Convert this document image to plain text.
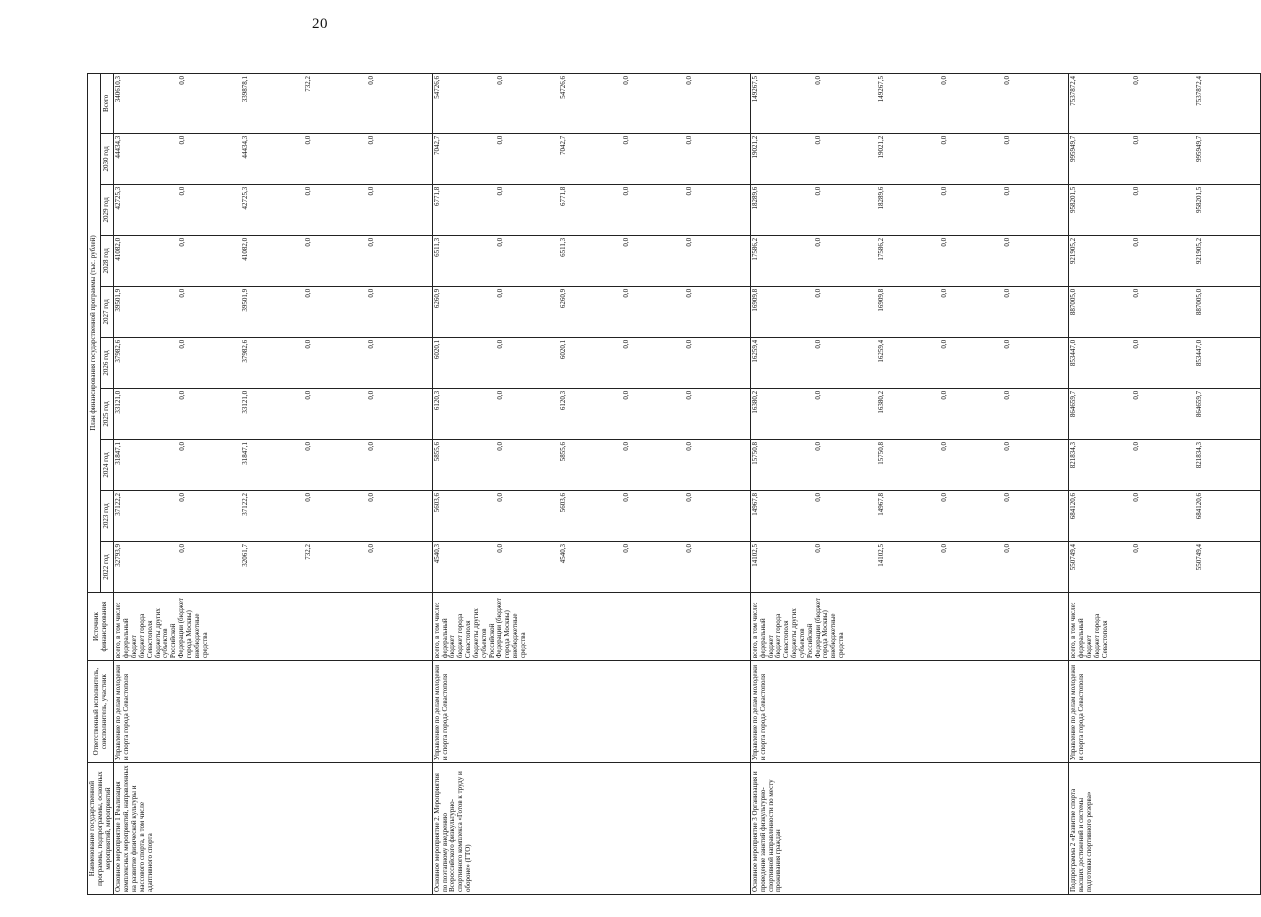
20
Наименование государственной программы, подпрограммы, основных мероприятий, мероприятий	Ответственный исполнитель, соисполнитель, участник	Источник финансирования	План финансирования государственной программы (тыс. рублей)									
			2022 год	2023 год	2024 год	2025 год	2026 год	2027 год	2028 год	2029 год	2030 год	Всего
Основное мероприятие 1 Реализация комплексных мероприятий, направленных на развитие физической культуры и массового спорта, в том числе адаптивного спорта	Управление по делам молодежи и спорта города Севастополя	всего, в том числе: федеральный бюджет бюджет города Севастополя бюджеты других субъектов Российской Федерации (бюджет города Москвы) внебюджетные средства	32793,9 0,0 32061,7 732,2 0,0	37122,2 0,0 37122,2 0,0 0,0	31847,1 0,0 31847,1 0,0 0,0	33121,0 0,0 33121,0 0,0 0,0	37982,6 0,0 37982,6 0,0 0,0	39501,9 0,0 39501,9 0,0 0,0	41082,0 0,0 41082,0 0,0 0,0	42725,3 0,0 42725,3 0,0 0,0	44434,3 0,0 44434,3 0,0 0,0	340610,3 0,0 339878,1 732,2 0,0

Основное мероприятие 2. Мероприятия по поэтапному внедрению Всероссийского физкультурно-спортивного комплекса «Готов к труду и обороне» (ГТО)	Управление по делам молодежи и спорта города Севастополя	всего, в том числе: федеральный бюджет бюджет города Севастополя бюджеты других субъектов Российской Федерации (бюджет города Москвы) внебюджетные средства	4540,3 0,0 4540,3 0,0 0,0	5603,6 0,0 5603,6 0,0 0,0	5855,6 0,0 5855,6 0,0 0,0	6120,3 0,0 6120,3 0,0 0,0	6020,1 0,0 6020,1 0,0 0,0	6260,9 0,0 6260,9 0,0 0,0	6511,3 0,0 6511,3 0,0 0,0	6771,8 0,0 6771,8 0,0 0,0	7042,7 0,0 7042,7 0,0 0,0	54726,6 0,0 54726,6 0,0 0,0

Основное мероприятие 3 Организация и проведение занятий физкультурно-спортивной направленности по месту проживания граждан	Управление по делам молодежи и спорта города Севастополя	всего, в том числе: федеральный бюджет бюджет города Севастополя бюджеты других субъектов Российской Федерации (бюджет города Москвы) внебюджетные средства	14102,5 0,0 14102,5 0,0 0,0	14967,8 0,0 14967,8 0,0 0,0	15750,8 0,0 15750,8 0,0 0,0	16380,2 0,0 16380,2 0,0 0,0	16259,4 0,0 16259,4 0,0 0,0	16909,8 0,0 16909,8 0,0 0,0	17586,2 0,0 17586,2 0,0 0,0	18289,6 0,0 18289,6 0,0 0,0	19021,2 0,0 19021,2 0,0 0,0	149267,5 0,0 149267,5 0,0 0,0

Подпрограмма 2 «Развитие спорта высших достижений и системы подготовки спортивного резерва»	Управление по делам молодежи и спорта города Севастополя	всего, в том числе: федеральный бюджет бюджет города Севастополя	550749,4 0,0 550749,4	684120,6 0,0 684120,6	821834,3 0,0 821834,3	864659,7 0,0 864659,7	853447,0 0,0 853447,0	887005,0 0,0 887005,0	921905,2 0,0 921905,2	958201,5 0,0 958201,5	995949,7 0,0 995949,7	7537872,4 0,0 7537872,4
